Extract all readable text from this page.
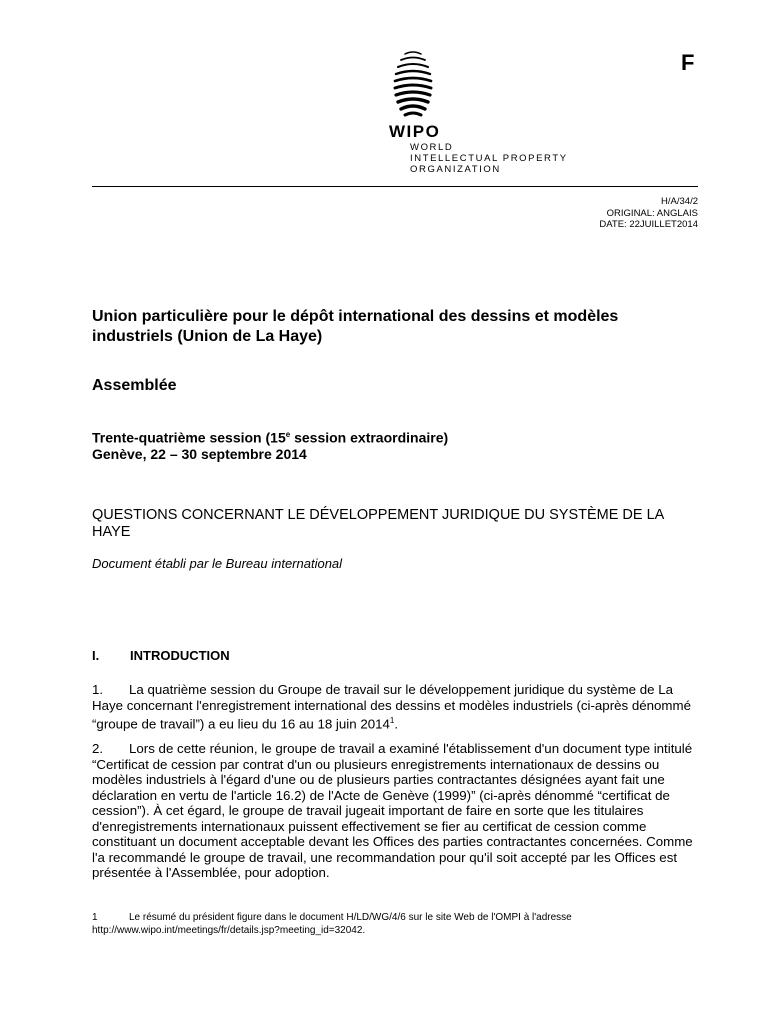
F
WIPO
WORLD
INTELLECTUAL PROPERTY
ORGANIZATION
H/A/34/2
ORIGINAL: ANGLAIS
DATE: 22JUILLET2014
Union particulière pour le dépôt international des dessins et modèles industriels (Union de La Haye)
Assemblée
Trente-quatrième session (15e session extraordinaire)
Genève, 22 – 30 septembre 2014
QUESTIONS CONCERNANT LE DÉVELOPPEMENT JURIDIQUE DU SYSTÈME DE LA HAYE
Document établi par le Bureau international
I. INTRODUCTION
1. La quatrième session du Groupe de travail sur le développement juridique du système de La Haye concernant l'enregistrement international des dessins et modèles industriels (ci-après dénommé “groupe de travail”) a eu lieu du 16 au 18 juin 2014$^1$.
2. Lors de cette réunion, le groupe de travail a examiné l'établissement d'un document type intitulé “Certificat de cession par contrat d'un ou plusieurs enregistrements internationaux de dessins ou modèles industriels à l'égard d'une ou de plusieurs parties contractantes désignées ayant fait une déclaration en vertu de l'article 16.2) de l'Acte de Genève (1999)” (ci-après dénommé “certificat de cession”). À cet égard, le groupe de travail jugeait important de faire en sorte que les titulaires d'enregistrements internationaux puissent effectivement se fier au certificat de cession comme constituant un document acceptable devant les Offices des parties contractantes concernées. Comme l'a recommandé le groupe de travail, une recommandation pour qu'il soit accepté par les Offices est présentée à l'Assemblée, pour adoption.
1	Le résumé du président figure dans le document H/LD/WG/4/6 sur le site Web de l'OMPI à l'adresse http://www.wipo.int/meetings/fr/details.jsp?meeting_id=32042.
